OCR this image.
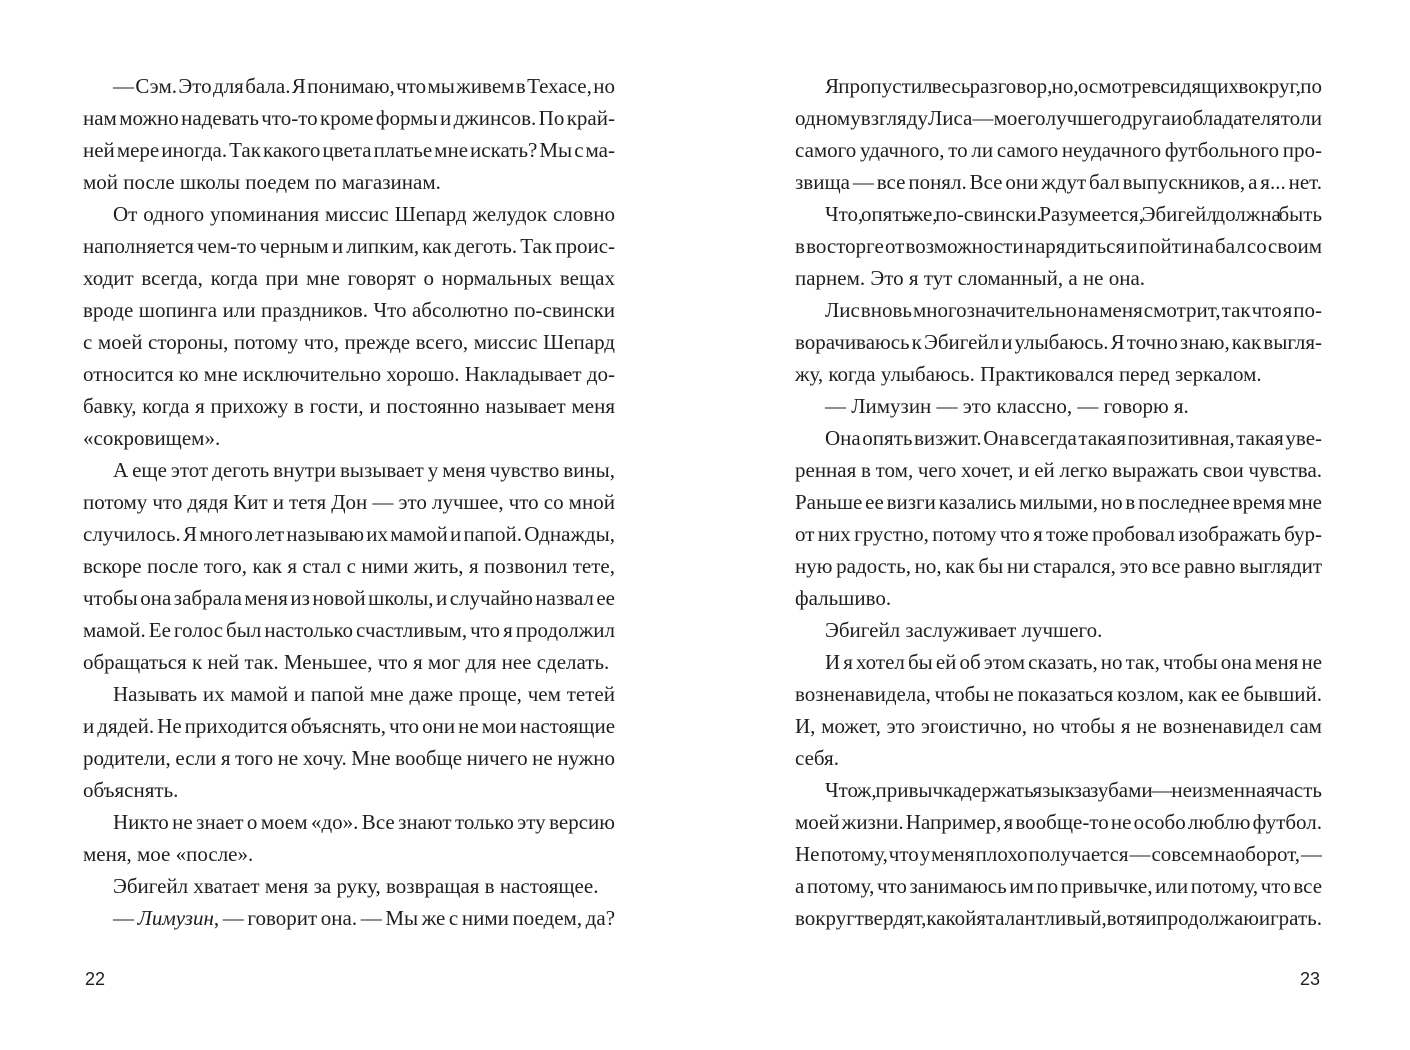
— Сэм. Это для бала. Я понимаю, что мы живем в Техасе, но
нам можно надевать что-то кроме формы и джинсов. По край-
ней мере иногда. Так какого цвета платье мне искать? Мы с ма-
мой после школы поедем по магазинам.
От одного упоминания миссис Шепард желудок словно
наполняется чем-то черным и липким, как деготь. Так проис-
ходит всегда, когда при мне говорят о нормальных вещах
вроде шопинга или праздников. Что абсолютно по-свински
с моей стороны, потому что, прежде всего, миссис Шепард
относится ко мне исключительно хорошо. Накладывает до-
бавку, когда я прихожу в гости, и постоянно называет меня
«сокровищем».
А еще этот деготь внутри вызывает у меня чувство вины,
потому что дядя Кит и тетя Дон — это лучшее, что со мной
случилось. Я много лет называю их мамой и папой. Однажды,
вскоре после того, как я стал с ними жить, я позвонил тете,
чтобы она забрала меня из новой школы, и случайно назвал ее
мамой. Ее голос был настолько счастливым, что я продолжил
обращаться к ней так. Меньшее, что я мог для нее сделать.
Называть их мамой и папой мне даже проще, чем тетей
и дядей. Не приходится объяснять, что они не мои настоящие
родители, если я того не хочу. Мне вообще ничего не нужно
объяснять.
Никто не знает о моем «до». Все знают только эту версию
меня, мое «после».
Эбигейл хватает меня за руку, возвращая в настоящее.
— Лимузин, — говорит она. — Мы же с ними поедем, да?
22
Я пропустил весь разговор, но, осмотрев сидящих вокруг, по
одному взгляду Лиса — моего лучшего друга и обладателя то ли
самого удачного, то ли самого неудачного футбольного про-
звища — все понял. Все они ждут бал выпускников, а я... нет.
Что, опять же, по-свински. Разумеется, Эбигейл должна быть
в восторге от возможности нарядиться и пойти на бал со своим
парнем. Это я тут сломанный, а не она.
Лис вновь многозначительно на меня смотрит, так что я по-
ворачиваюсь к Эбигейл и улыбаюсь. Я точно знаю, как выгля-
жу, когда улыбаюсь. Практиковался перед зеркалом.
— Лимузин — это классно, — говорю я.
Она опять визжит. Она всегда такая позитивная, такая уве-
ренная в том, чего хочет, и ей легко выражать свои чувства.
Раньше ее визги казались милыми, но в последнее время мне
от них грустно, потому что я тоже пробовал изображать бур-
ную радость, но, как бы ни старался, это все равно выглядит
фальшиво.
Эбигейл заслуживает лучшего.
И я хотел бы ей об этом сказать, но так, чтобы она меня не
возненавидела, чтобы не показаться козлом, как ее бывший.
И, может, это эгоистично, но чтобы я не возненавидел сам
себя.
Что ж, привычка держать язык за зубами — неизменная часть
моей жизни. Например, я вообще-то не особо люблю футбол.
Не потому, что у меня плохо получается — совсем наоборот, —
а потому, что занимаюсь им по привычке, или потому, что все
вокруг твердят, какой я талантливый, вот я и продолжаю играть.
23
